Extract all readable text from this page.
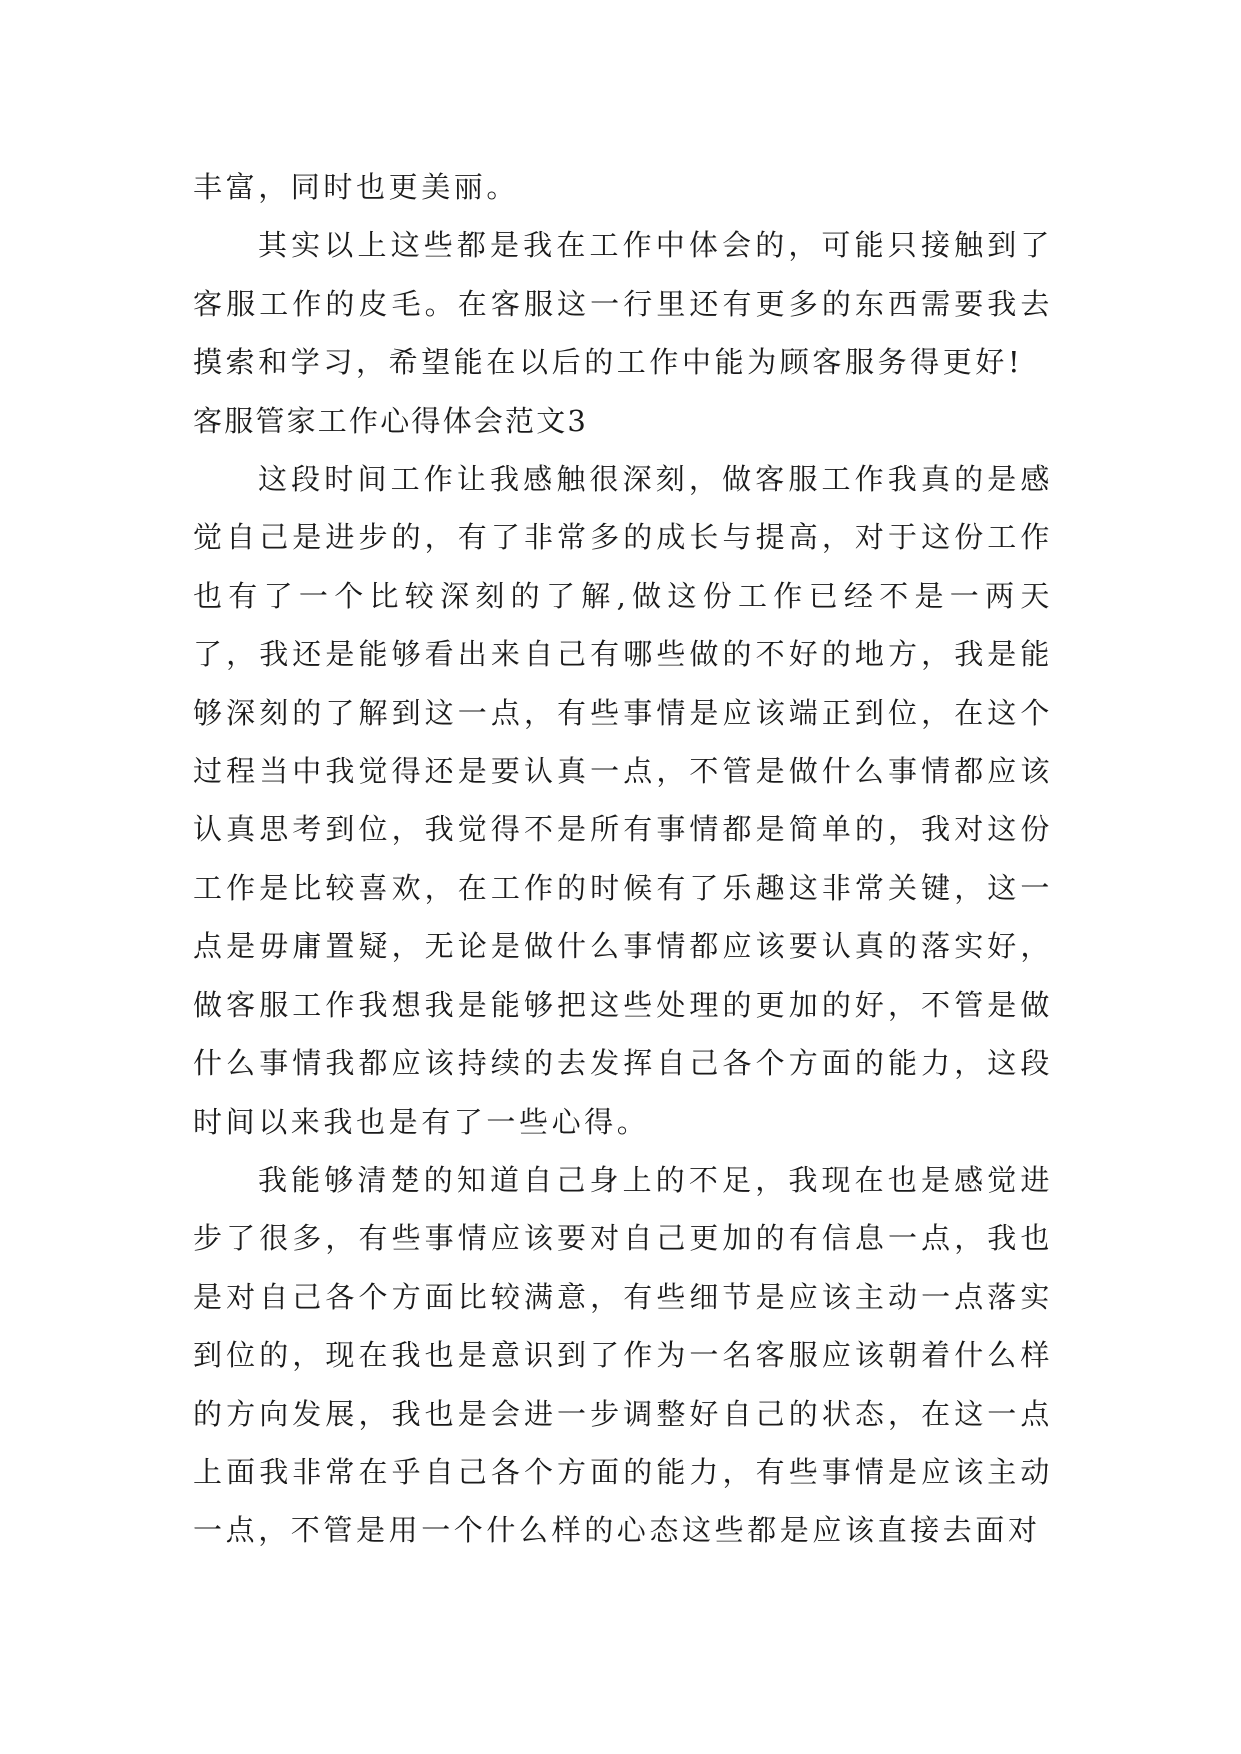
丰富，同时也更美丽。

其实以上这些都是我在工作中体会的，可能只接触到了客服工作的皮毛。在客服这一行里还有更多的东西需要我去摸索和学习，希望能在以后的工作中能为顾客服务得更好!

客服管家工作心得体会范文3

这段时间工作让我感触很深刻，做客服工作我真的是感觉自己是进步的，有了非常多的成长与提高，对于这份工作也有了一个比较深刻的了解,做这份工作已经不是一两天了，我还是能够看出来自己有哪些做的不好的地方，我是能够深刻的了解到这一点，有些事情是应该端正到位，在这个过程当中我觉得还是要认真一点，不管是做什么事情都应该认真思考到位，我觉得不是所有事情都是简单的，我对这份工作是比较喜欢，在工作的时候有了乐趣这非常关键，这一点是毋庸置疑，无论是做什么事情都应该要认真的落实好，做客服工作我想我是能够把这些处理的更加的好，不管是做什么事情我都应该持续的去发挥自己各个方面的能力，这段时间以来我也是有了一些心得。

我能够清楚的知道自己身上的不足，我现在也是感觉进步了很多，有些事情应该要对自己更加的有信息一点，我也是对自己各个方面比较满意，有些细节是应该主动一点落实到位的，现在我也是意识到了作为一名客服应该朝着什么样的方向发展，我也是会进一步调整好自己的状态，在这一点上面我非常在乎自己各个方面的能力，有些事情是应该主动一点，不管是用一个什么样的心态这些都是应该直接去面对
